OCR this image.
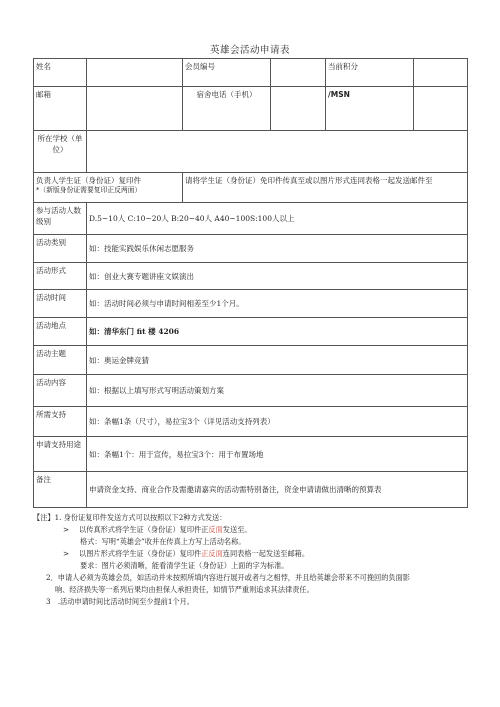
英雄会活动申请表
姓名		会员编号		当前积分	
邮箱		宿舍电话（手机）		/MSN	
所在学校（单位）					

负责人学生证（身份证）复印件
*（新版身份证需要复印正反两面）		请将学生证（身份证）免印件传真至或以图片形式连同表格一起发送邮件至			
参与活动人数级别	D.5~10人 C:10~20人 B:20~40人 A40~100S:100人以上				
活动类别	如：技能实践娱乐休闲志愿服务				
活动形式	如：创业大赛专题讲座文娱演出				
活动时间	如：活动时间必须与申请时间相差至少1个月。				
活动地点	如：清华东门 fit 楼 4206				
活动主题	如：奥运金牌竞猜				
活动内容	如：根据以上填写形式写明活动策划方案				
所需支持	如：条幅1条（尺寸），易拉宝3个（详见活动支持列表）				
申请支持用途	如：条幅1个：用于宣传，易拉宝3个：用于布置场地				
备注	申请资金支持、商业合作及需邀请嘉宾的活动需特别备注，资金申请请做出清晰的预算表				
【注】1. 身份证复印件发送方式可以按照以下2种方式发送：
> 以传真形式将学生证（身份证）复印件正反面发送至。
格式：写明“英雄会”收并在传真上方写上活动名称。
> 以图片形式将学生证（身份证）复印件正反面连同表格一起发送至邮箱。
要求：图片必须清晰，能看清学生证（身份证）上面的字为标准。
2．申请人必须为英雄会员，如活动并未按照所填内容进行展开或者与之相悖，并且给英雄会带来不可挽回的负面影
响、经济损失等一系列后果均由担保人承担责任，如情节严重则追求其法律责任。
3　.活动申请时间比活动时间至少提前1个月。
